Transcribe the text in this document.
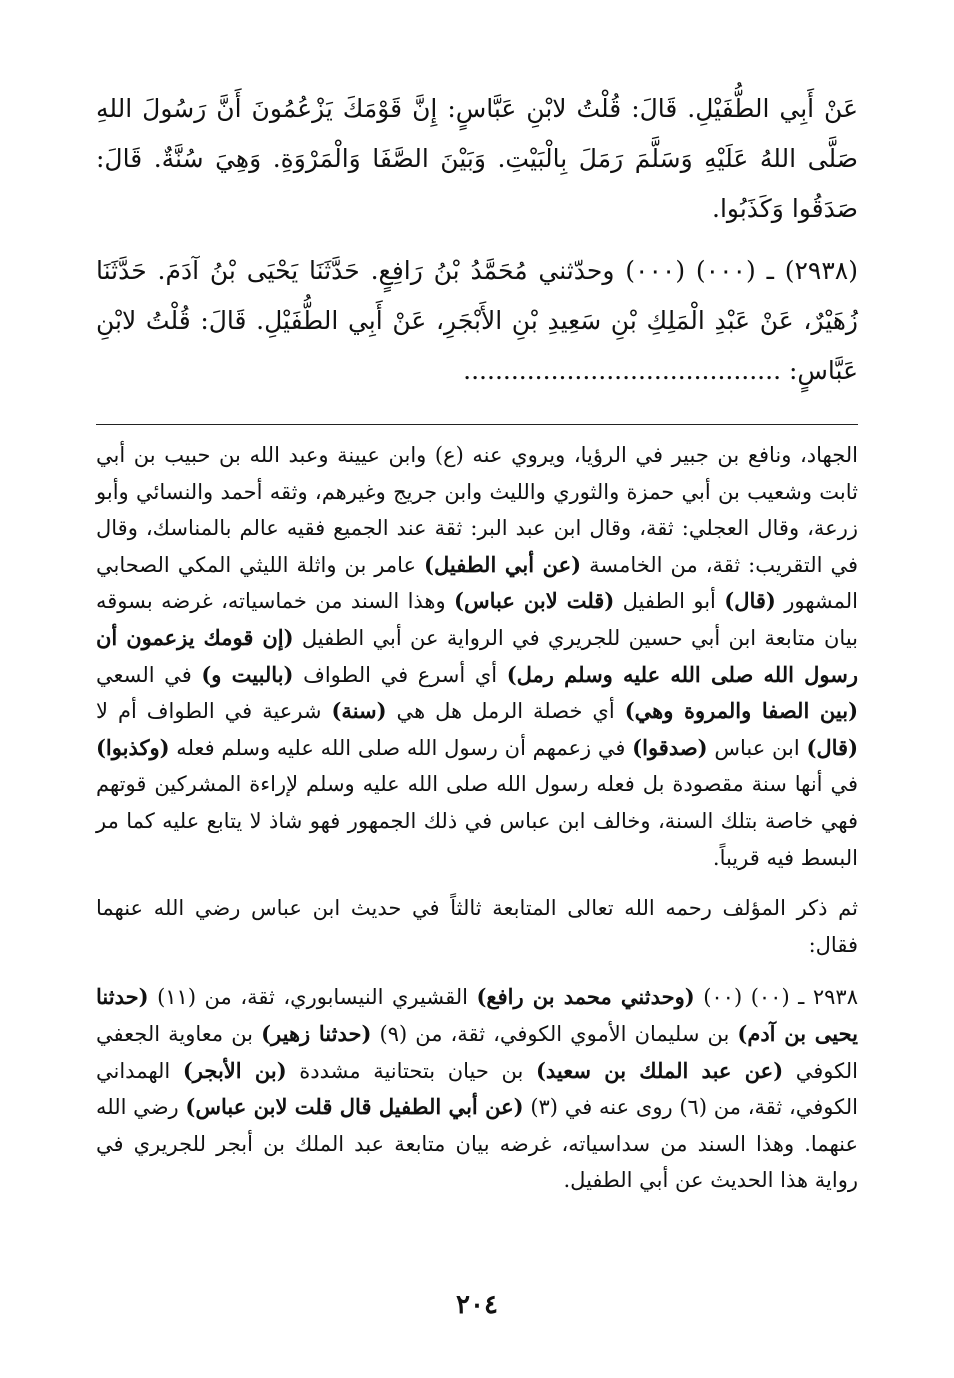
عَنْ أَبِي الطُّفَيْلِ. قَالَ: قُلْتُ لابْنِ عَبَّاسٍ: إِنَّ قَوْمَكَ يَزْعُمُونَ أَنَّ رَسُولَ اللهِ صَلَّى اللهُ عَلَيْهِ وَسَلَّمَ رَمَلَ بِالْبَيْتِ. وَبَيْنَ الصَّفَا وَالْمَرْوَةِ. وَهِيَ سُنَّةٌ. قَالَ: صَدَقُوا وَكَذَبُوا.

(٢٩٣٨) ـ (٠٠٠) (٠٠٠) وحدّثني مُحَمَّدُ بْنُ رَافِعٍ. حَدَّثَنَا يَحْيَى بْنُ آدَمَ. حَدَّثَنَا زُهَيْرٌ، عَنْ عَبْدِ الْمَلِكِ بْنِ سَعِيدِ بْنِ الأَبْجَرِ، عَنْ أَبِي الطُّفَيْلِ. قَالَ: قُلْتُ لابْنِ عَبَّاسٍ: ........................................

الجهاد، ونافع بن جبير في الرؤيا، ويروي عنه (ع) وابن عيينة وعبد الله بن حبيب بن أبي ثابت وشعيب بن أبي حمزة والثوري والليث وابن جريج وغيرهم، وثقه أحمد والنسائي وأبو زرعة، وقال العجلي: ثقة، وقال ابن عبد البر: ثقة عند الجميع فقيه عالم بالمناسك، وقال في التقريب: ثقة، من الخامسة (عن أبي الطفيل) عامر بن واثلة الليثي المكي الصحابي المشهور (قال) أبو الطفيل (قلت لابن عباس) وهذا السند من خماسياته، غرضه بسوقه بيان متابعة ابن أبي حسين للجريري في الرواية عن أبي الطفيل (إن قومك يزعمون أن رسول الله صلى الله عليه وسلم رمل) أي أسرع في الطواف (بالبيت و) في السعي (بين الصفا والمروة وهي) أي خصلة الرمل هل هي (سنة) شرعية في الطواف أم لا (قال) ابن عباس (صدقوا) في زعمهم أن رسول الله صلى الله عليه وسلم فعله (وكذبوا) في أنها سنة مقصودة بل فعله رسول الله صلى الله عليه وسلم لإراءة المشركين قوتهم فهي خاصة بتلك السنة، وخالف ابن عباس في ذلك الجمهور فهو شاذ لا يتابع عليه كما مر البسط فيه قريباً.

ثم ذكر المؤلف رحمه الله تعالى المتابعة ثالثاً في حديث ابن عباس رضي الله عنهما فقال:

٢٩٣٨ ـ (٠٠) (٠٠) (وحدثني محمد بن رافع) القشيري النيسابوري، ثقة، من (١١) (حدثنا يحيى بن آدم) بن سليمان الأموي الكوفي، ثقة، من (٩) (حدثنا زهير) بن معاوية الجعفي الكوفي (عن عبد الملك بن سعيد) بن حيان بتحتانية مشددة (بن الأبجر) الهمداني الكوفي، ثقة، من (٦) روى عنه في (٣) (عن أبي الطفيل قال قلت لابن عباس) رضي الله عنهما. وهذا السند من سداسياته، غرضه بيان متابعة عبد الملك بن أبجر للجريري في رواية هذا الحديث عن أبي الطفيل.

٢٠٤
